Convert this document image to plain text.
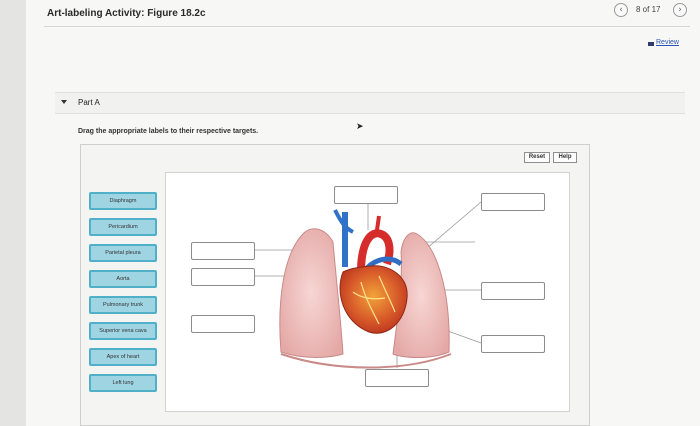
Art-labeling Activity: Figure 18.2c	‹	8 of 17	›
Review
Part A
Drag the appropriate labels to their respective targets.
➤
Reset	Help
Diaphragm
Pericardium
Parietal pleura
Aorta
Pulmonary trunk
Superior vena cava
Apex of heart
Left lung
